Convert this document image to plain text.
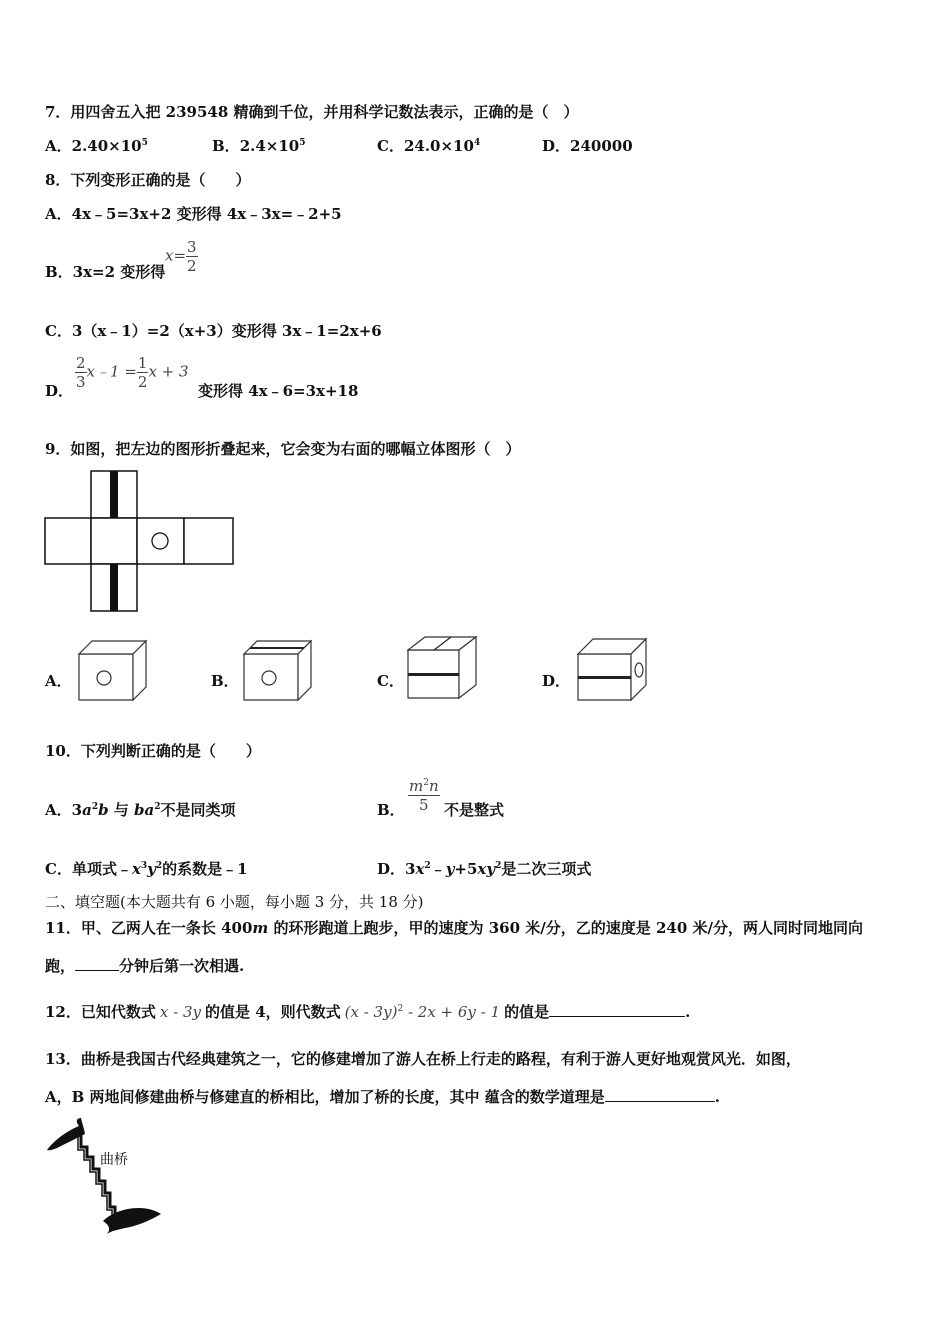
7．用四舍五入把 239548 精确到千位，并用科学记数法表示，正确的是（　）
A．$2.40\times 10^5$	B．$2.4\times 10^5$	C．$24.0\times 10^4$	D．240000
8．下列变形正确的是（　　）
A．4x﹣5=3x+2 变形得 4x﹣3x=﹣2+5
B．3x=2 变形得
$x= \frac{3}{2}$
C．3（x﹣1）=2（x+3）变形得 3x﹣1=2x+6
D． $\frac{2}{3}$ x﹣1 = $\frac{1}{2}$ x + 3
变形得 4x﹣6=3x+18
9．如图，把左边的图形折叠起来，它会变为右面的哪幅立体图形（　）
A．	B．	C．	D．
10．下列判断正确的是（　　）
A．$3a^2b$ 与 $ba^2$不是同类项	B． $\frac{m^2n}{5}$ 不是整式
C．单项式$﹣x^3y^2$的系数是﹣1	D．$3x^2﹣y+5xy^2$是二次三项式
二、填空题(本大题共有 6 小题，每小题 3 分，共 18 分)
11．甲、乙两人在一条长 400m 的环形跑道上跑步，甲的速度为 360 米/分，乙的速度是 240 米/分，两人同时同地同向
跑，	分钟后第一次相遇.
12．已知代数式 x - 3y 的值是 4，则代数式 (x - 3y)$^2$ - 2x + 6y - 1 的值是	.
13．曲桥是我国古代经典建筑之一，它的修建增加了游人在桥上行走的路程，有利于游人更好地观赏风光．如图，
A，B 两地间修建曲桥与修建直的桥相比，增加了桥的长度，其中 蕴含的数学道理是	.
曲桥
